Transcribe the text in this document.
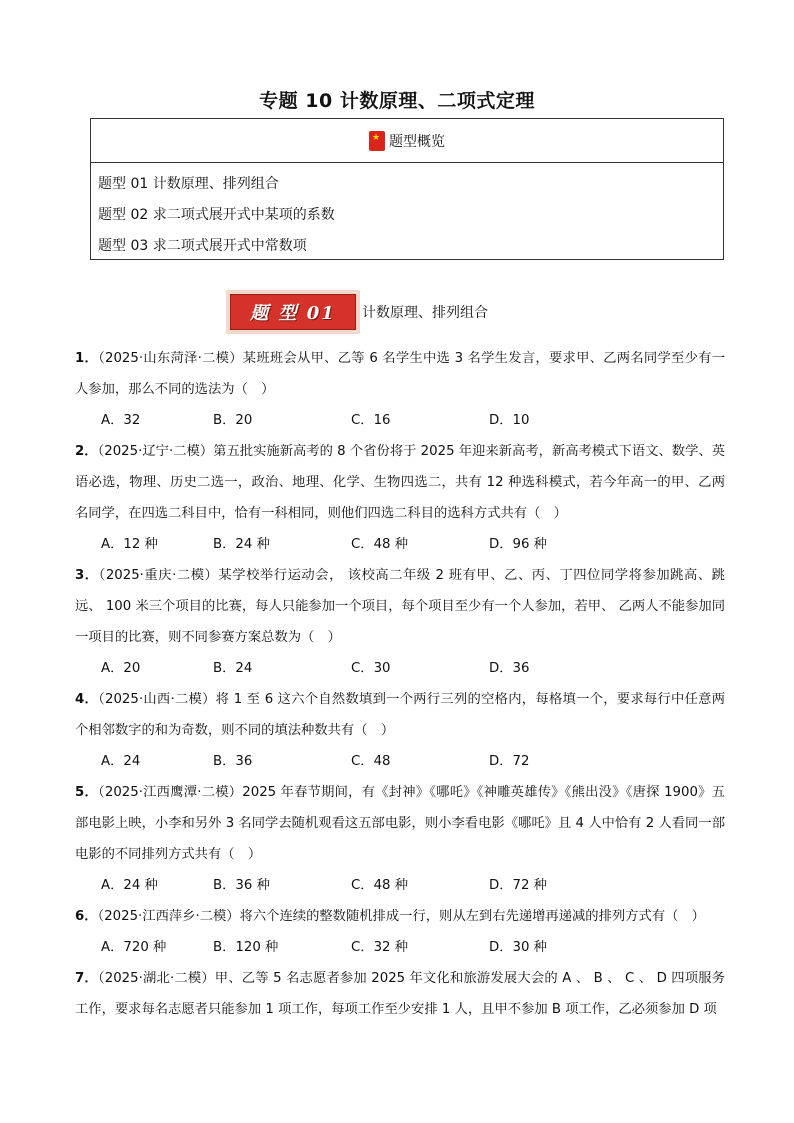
专题 10 计数原理、二项式定理
★
题型概览
题型 01 计数原理、排列组合
题型 02 求二项式展开式中某项的系数
题型 03 求二项式展开式中常数项
题 型 01	计数原理、排列组合
1．（2025·山东菏泽·二模）某班班会从甲、乙等 6 名学生中选 3 名学生发言，要求甲、乙两名同学至少有一人参加，那么不同的选法为（　）
A．32	B．20	C．16	D．10
2．（2025·辽宁·二模）第五批实施新高考的 8 个省份将于 2025 年迎来新高考，新高考模式下语文、数学、英语必选，物理、历史二选一，政治、地理、化学、生物四选二，共有 12 种选科模式，若今年高一的甲、乙两名同学，在四选二科目中，恰有一科相同，则他们四选二科目的选科方式共有（　）
A．12 种	B．24 种	C．48 种	D．96 种
3．（2025·重庆·二模）某学校举行运动会， 该校高二年级 2 班有甲、乙、丙、丁四位同学将参加跳高、跳远、 100 米三个项目的比赛，每人只能参加一个项目，每个项目至少有一个人参加，若甲、 乙两人不能参加同一项目的比赛，则不同参赛方案总数为（　）
A．20	B．24	C．30	D．36
4．（2025·山西·二模）将 1 至 6 这六个自然数填到一个两行三列的空格内，每格填一个，要求每行中任意两个相邻数字的和为奇数，则不同的填法种数共有（　）
A．24	B．36	C．48	D．72
5．（2025·江西鹰潭·二模）2025 年春节期间，有《封神》《哪吒》《神雕英雄传》《熊出没》《唐探 1900》五部电影上映，小李和另外 3 名同学去随机观看这五部电影，则小李看电影《哪吒》且 4 人中恰有 2 人看同一部电影的不同排列方式共有（　）
A．24 种	B．36 种	C．48 种	D．72 种
6．（2025·江西萍乡·二模）将六个连续的整数随机排成一行，则从左到右先递增再递减的排列方式有（　）
A．720 种	B．120 种	C．32 种	D．30 种
7．（2025·湖北·二模）甲、乙等 5 名志愿者参加 2025 年文化和旅游发展大会的 A 、 B 、 C 、 D 四项服务工作，要求每名志愿者只能参加 1 项工作，每项工作至少安排 1 人，且甲不参加 B 项工作，乙必须参加 D 项
